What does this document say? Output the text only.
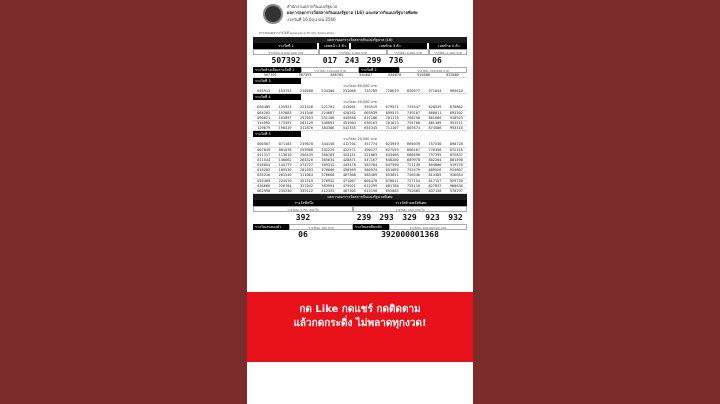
สำนักงานสลากกินแบ่งรัฐบาล
ผลการออกรางวัลสลากกินแบ่งรัฐบาล (L6) และสลากกินแบ่งรัฐบาลพิเศษ
งวดวันที่ 16 มิถุนายน 2566
ตรวจสอบผลรางวัลได้ที่ www.glo.or.th และ Application
ผลการออกรางวัลสลากกินแบ่งรัฐบาล (L6)
รางวัลที่ 1	เลขหน้า 3 ตัว	เลขท้าย 3 ตัว	เลขท้าย 2 ตัว
รางวัลละ 6,000,000 บาท	รางวัลละ 4,000 บาท	รางวัลละ 4,000 บาท	รางวัลละ 2,000 บาท
507392	017 243 299 736	06
รางวัลข้างเคียงรางวัลที่ 1	รางวัลละ 100,000 บาท	รางวัลที่ 2	รางวัลละ 200,000 บาท
507391	507393	466762	564087	656070	916586	923882
รางวัลที่ 3
รางวัลละ 80,000 บาท
055913	153753	210588	234300	251068	725789	728619	826977	971844	985610
รางวัลที่ 4
รางวัลละ 40,000 บาท
036485	125923	222426	221701	413091	593519	679571	725547	820539	870862
064202	157683	241546	324687	420262	603939	699513	749107	860011	895202
090621	163097	257653	331106	445658	621186	701178	768750	861666	918923
124992	173497	281129	340091	451904	636163	701613	794760	881109	951511
129679	190419	312876	384386	542355	655345	711107	807674	874506	993316
รางวัลที่ 5
รางวัลละ 20,000 บาท
004567	071183	239678	344150	412701	457774	623959	665039	757530	890728
007849	081078	255968	352229	422571	490177	627559	686167	776356	872318
011317	113610	256435	360705	424151	521063	643466	686590	797395	872837
011544	140662	264420	365634	428871	547167	648200	689978	802264	881598
016054	144779	274727	369312	443478	563784	647590	721149	804806	919278
016202	185536	281393	370606	456569	580574	651095	722479	809526	925807
035216	203140	311064	376668	467368	585409	653651	726546	814385	926654
035409	224570	321519	376932	471067	605470	678011	727154	817157	929730
036666	226784	327042	383994	475021	612299	681788	735110	827837	960636
062990	235230	339122	412359	487305	615190	692085	752685	837128	970297
ผลการออกรางวัลสลากกินแบ่งรัฐบาลพิเศษ
รางวัลที่หนึ่ง	รางวัลท้ายหลังพิเศษ
รางวัลละ 3,/51 บาท/ใบ	รางวัลละ 163 บาท/ใบ
392	239	293	329	923	932
รางวัลเลขสองตัว	รางวัลละ 162 บาท	รางวัลเลขสิบหลัก	รางวัลละ 106,063.02 บาท
06	392000001368
กด Like กดแชร์ กดติดตาม
แล้วกดกระดิ่ง ไม่พลาดทุกงวด!
